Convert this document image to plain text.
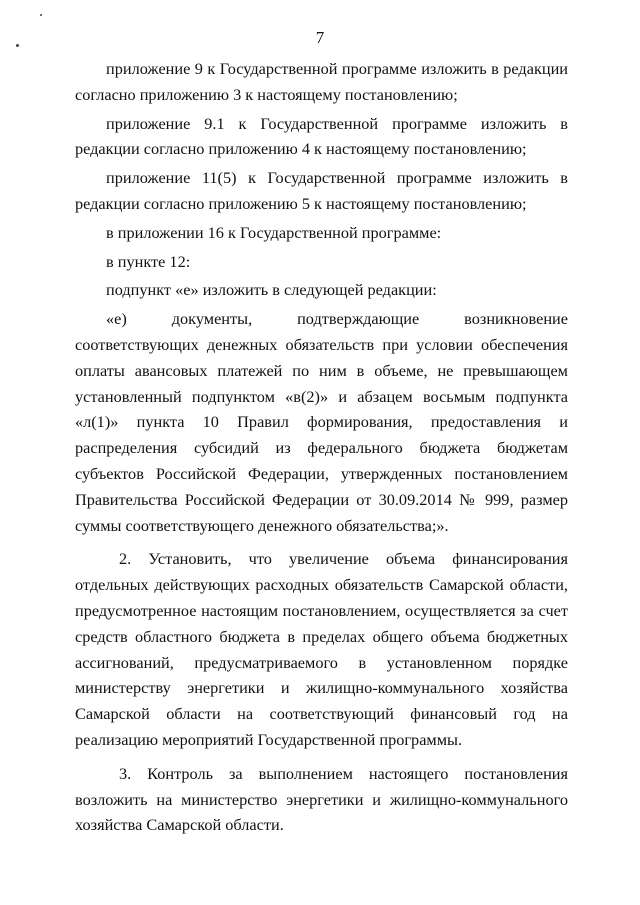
7

приложение 9 к Государственной программе изложить в редакции согласно приложению 3 к настоящему постановлению;

приложение 9.1 к Государственной программе изложить в редакции согласно приложению 4 к настоящему постановлению;

приложение 11(5) к Государственной программе изложить в редакции согласно приложению 5 к настоящему постановлению;

в приложении 16 к Государственной программе:

в пункте 12:

подпункт «е» изложить в следующей редакции:

«е) документы, подтверждающие возникновение соответствующих денежных обязательств при условии обеспечения оплаты авансовых платежей по ним в объеме, не превышающем установленный подпунктом «в(2)» и абзацем восьмым подпункта «л(1)» пункта 10 Правил формирования, предоставления и распределения субсидий из федерального бюджета бюджетам субъектов Российской Федерации, утвержденных постановлением Правительства Российской Федерации от 30.09.2014 № 999, размер суммы соответствующего денежного обязательства;».

2. Установить, что увеличение объема финансирования отдельных действующих расходных обязательств Самарской области, предусмотренное настоящим постановлением, осуществляется за счет средств областного бюджета в пределах общего объема бюджетных ассигнований, предусматриваемого в установленном порядке министерству энергетики и жилищно-коммунального хозяйства Самарской области на соответствующий финансовый год на реализацию мероприятий Государственной программы.

3. Контроль за выполнением настоящего постановления возложить на министерство энергетики и жилищно-коммунального хозяйства Самарской области.
